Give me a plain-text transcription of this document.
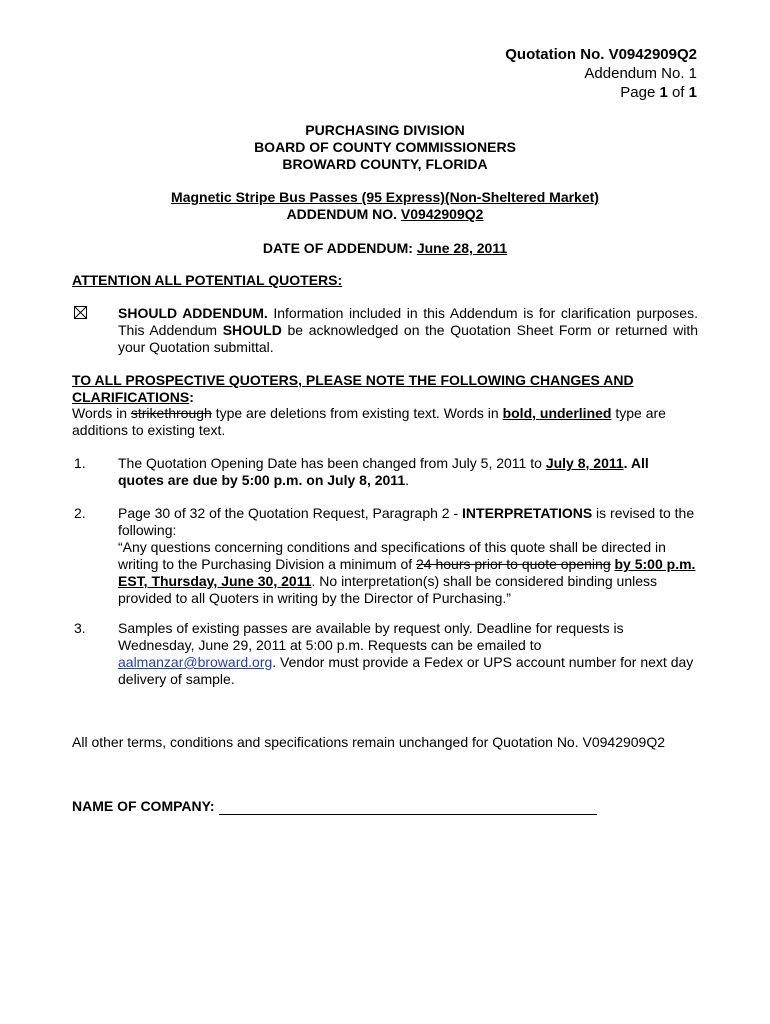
Quotation No. V0942909Q2
Addendum No. 1
Page 1 of 1
PURCHASING DIVISION
BOARD OF COUNTY COMMISSIONERS
BROWARD COUNTY, FLORIDA
Magnetic Stripe Bus Passes (95 Express)(Non-Sheltered Market)
ADDENDUM NO. V0942909Q2
DATE OF ADDENDUM: June 28, 2011
ATTENTION ALL POTENTIAL QUOTERS:
SHOULD ADDENDUM. Information included in this Addendum is for clarification purposes. This Addendum SHOULD be acknowledged on the Quotation Sheet Form or returned with your Quotation submittal.
TO ALL PROSPECTIVE QUOTERS, PLEASE NOTE THE FOLLOWING CHANGES AND CLARIFICATIONS:
Words in strikethrough type are deletions from existing text. Words in bold, underlined type are additions to existing text.
1.	The Quotation Opening Date has been changed from July 5, 2011 to July 8, 2011. All quotes are due by 5:00 p.m. on July 8, 2011.
2.	Page 30 of 32 of the Quotation Request, Paragraph 2 - INTERPRETATIONS is revised to the following:
“Any questions concerning conditions and specifications of this quote shall be directed in writing to the Purchasing Division a minimum of 24 hours prior to quote opening by 5:00 p.m. EST, Thursday, June 30, 2011. No interpretation(s) shall be considered binding unless provided to all Quoters in writing by the Director of Purchasing.”
3.	Samples of existing passes are available by request only. Deadline for requests is Wednesday, June 29, 2011 at 5:00 p.m. Requests can be emailed to aalmanzar@broward.org. Vendor must provide a Fedex or UPS account number for next day delivery of sample.
All other terms, conditions and specifications remain unchanged for Quotation No. V0942909Q2
NAME OF COMPANY:
